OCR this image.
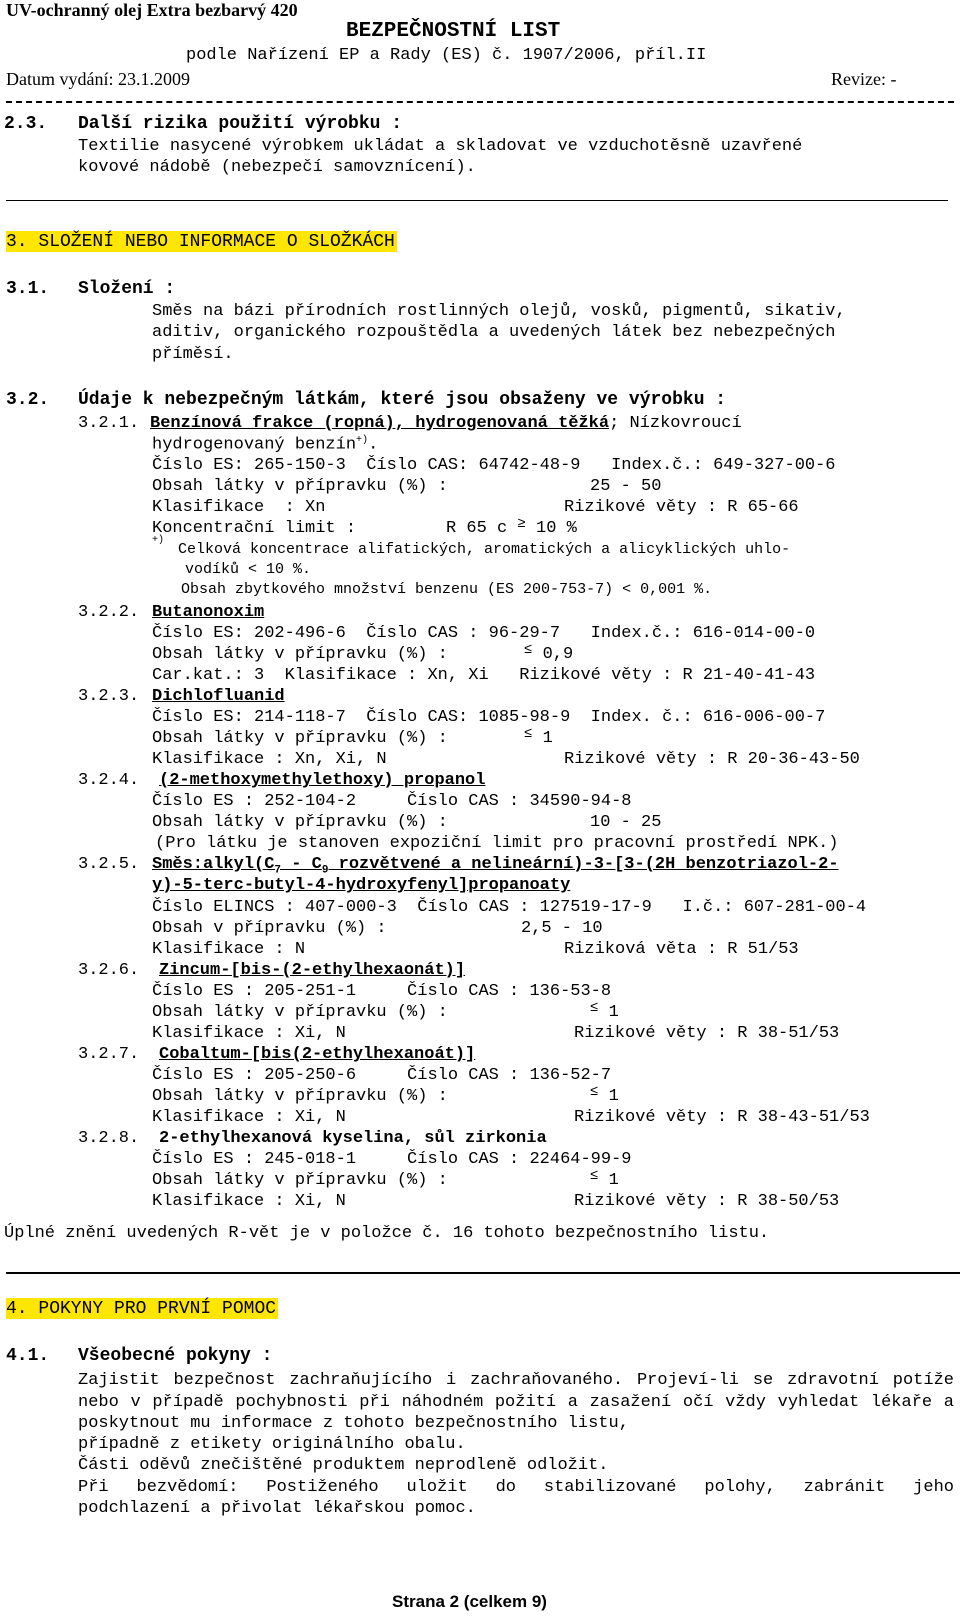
UV-ochranný olej Extra bezbarvý 420
BEZPEČNOSTNÍ LIST
podle Nařízení EP a Rady (ES) č. 1907/2006, příl.II
Datum vydání: 23.1.2009	Revize: -
2.3. Další rizika použití výrobku :
Textilie nasycené výrobkem ukládat a skladovat ve vzduchotěsně uzavřené
kovové nádobě (nebezpečí samovznícení).
3. SLOŽENÍ NEBO INFORMACE O SLOŽKÁCH
3.1. Složení :
Směs na bázi přírodních rostlinných olejů, vosků, pigmentů, sikativ,
aditiv, organického rozpouštědla a uvedených látek bez nebezpečných
příměsí.
3.2. Údaje k nebezpečným látkám, které jsou obsaženy ve výrobku :
3.2.1. Benzínová frakce (ropná), hydrogenovaná těžká; Nízkovroucí
hydrogenovaný benzín+).
Číslo ES: 265-150-3  Číslo CAS: 64742-48-9   Index.č.: 649-327-00-6
Obsah látky v přípravku (%) :	25 - 50
Klasifikace  : Xn	Rizikové věty : R 65-66
Koncentrační limit :	R 65 c ≥ 10 %
+)
Celková koncentrace alifatických, aromatických a alicyklických uhlo-
vodíků < 10 %.
Obsah zbytkového množství benzenu (ES 200-753-7) < 0,001 %.
3.2.2. Butanonoxim
Číslo ES: 202-496-6  Číslo CAS : 96-29-7   Index.č.: 616-014-00-0
Obsah látky v přípravku (%) :	≤ 0,9
Car.kat.: 3  Klasifikace : Xn, Xi   Rizikové věty : R 21-40-41-43
3.2.3. Dichlofluanid
Číslo ES: 214-118-7  Číslo CAS: 1085-98-9  Index. č.: 616-006-00-7
Obsah látky v přípravku (%) :	≤ 1
Klasifikace : Xn, Xi, N	Rizikové věty : R 20-36-43-50
3.2.4. (2-methoxymethylethoxy) propanol
Číslo ES : 252-104-2     Číslo CAS : 34590-94-8
Obsah látky v přípravku (%) :	10 - 25
(Pro látku je stanoven expoziční limit pro pracovní prostředí NPK.)
3.2.5. $Směs:alkyl(C_7 - C_9$ rozvětvené a nelineární)-3-[3-(2H benzotriazol-2-
y)-5-terc-butyl-4-hydroxyfenyl]propanoaty
Číslo ELINCS : 407-000-3  Číslo CAS : 127519-17-9   I.č.: 607-281-00-4
Obsah v přípravku (%) :	2,5 - 10
Klasifikace : N	Riziková věta : R 51/53
3.2.6. Zincum-[bis-(2-ethylhexaonát)]
Číslo ES : 205-251-1     Číslo CAS : 136-53-8
Obsah látky v přípravku (%) :	≤ 1
Klasifikace : Xi, N	Rizikové věty : R 38-51/53
3.2.7. Cobaltum-[bis(2-ethylhexanoát)]
Číslo ES : 205-250-6     Číslo CAS : 136-52-7
Obsah látky v přípravku (%) :	≤ 1
Klasifikace : Xi, N	Rizikové věty : R 38-43-51/53
3.2.8. 2-ethylhexanová kyselina, sůl zirkonia
Číslo ES : 245-018-1     Číslo CAS : 22464-99-9
Obsah látky v přípravku (%) :	≤ 1
Klasifikace : Xi, N	Rizikové věty : R 38-50/53
Úplné znění uvedených R-vět je v položce č. 16 tohoto bezpečnostního listu.
4. POKYNY PRO PRVNÍ POMOC
4.1. Všeobecné pokyny :
Zajistit bezpečnost zachraňujícího i zachraňovaného. Projeví-li se zdravotní potíže nebo v případě pochybnosti při náhodném požití a zasažení očí vždy vyhledat lékaře a poskytnout mu informace z tohoto bezpečnostního listu,
případně z etikety originálního obalu.
Části oděvů znečištěné produktem neprodleně odložit.
Při bezvědomí: Postiženého uložit do stabilizované polohy, zabránit jeho
podchlazení a přivolat lékařskou pomoc.
Strana 2 (celkem 9)
